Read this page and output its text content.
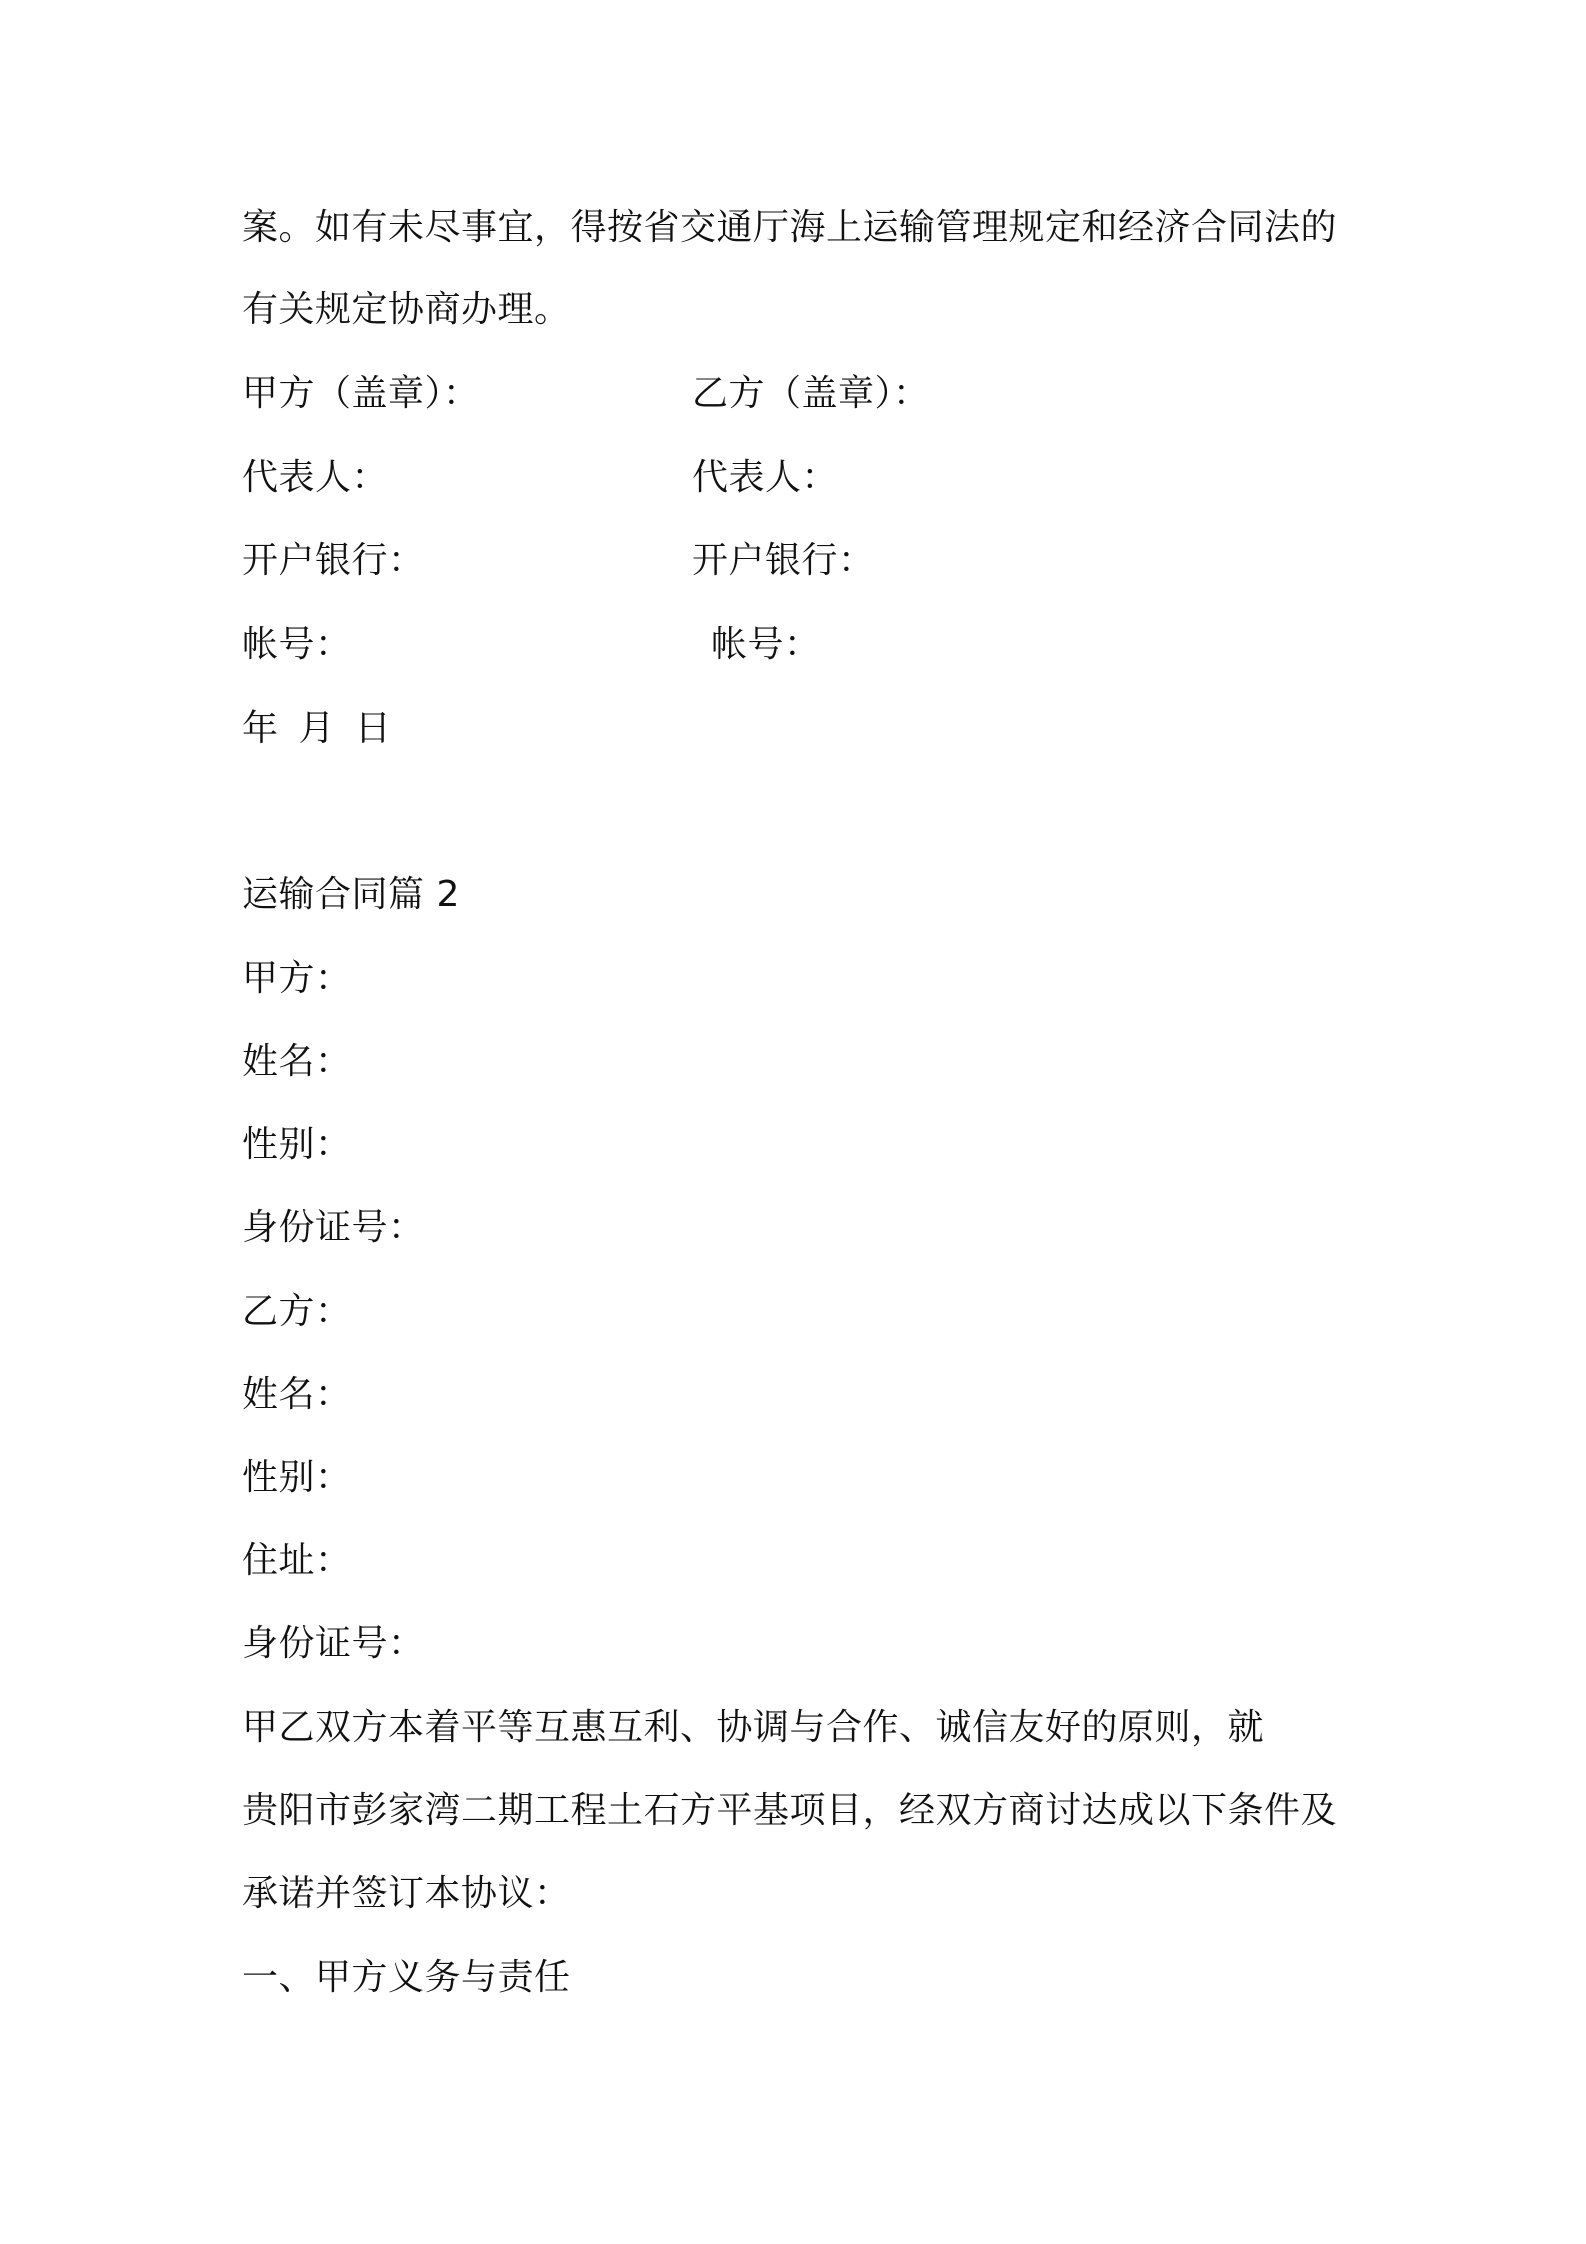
案。如有未尽事宜，得按省交通厅海上运输管理规定和经济合同法的
有关规定协商办理。
甲方（盖章）：	乙方（盖章）：
代表人：	代表人：
开户银行：	开户银行：
帐号：	帐号：
年 月 日
运输合同篇 2
甲方：
姓名：
性别：
身份证号：
乙方：
姓名：
性别：
住址：
身份证号：
甲乙双方本着平等互惠互利、协调与合作、诚信友好的原则，就
贵阳市彭家湾二期工程土石方平基项目，经双方商讨达成以下条件及
承诺并签订本协议：
一、甲方义务与责任
